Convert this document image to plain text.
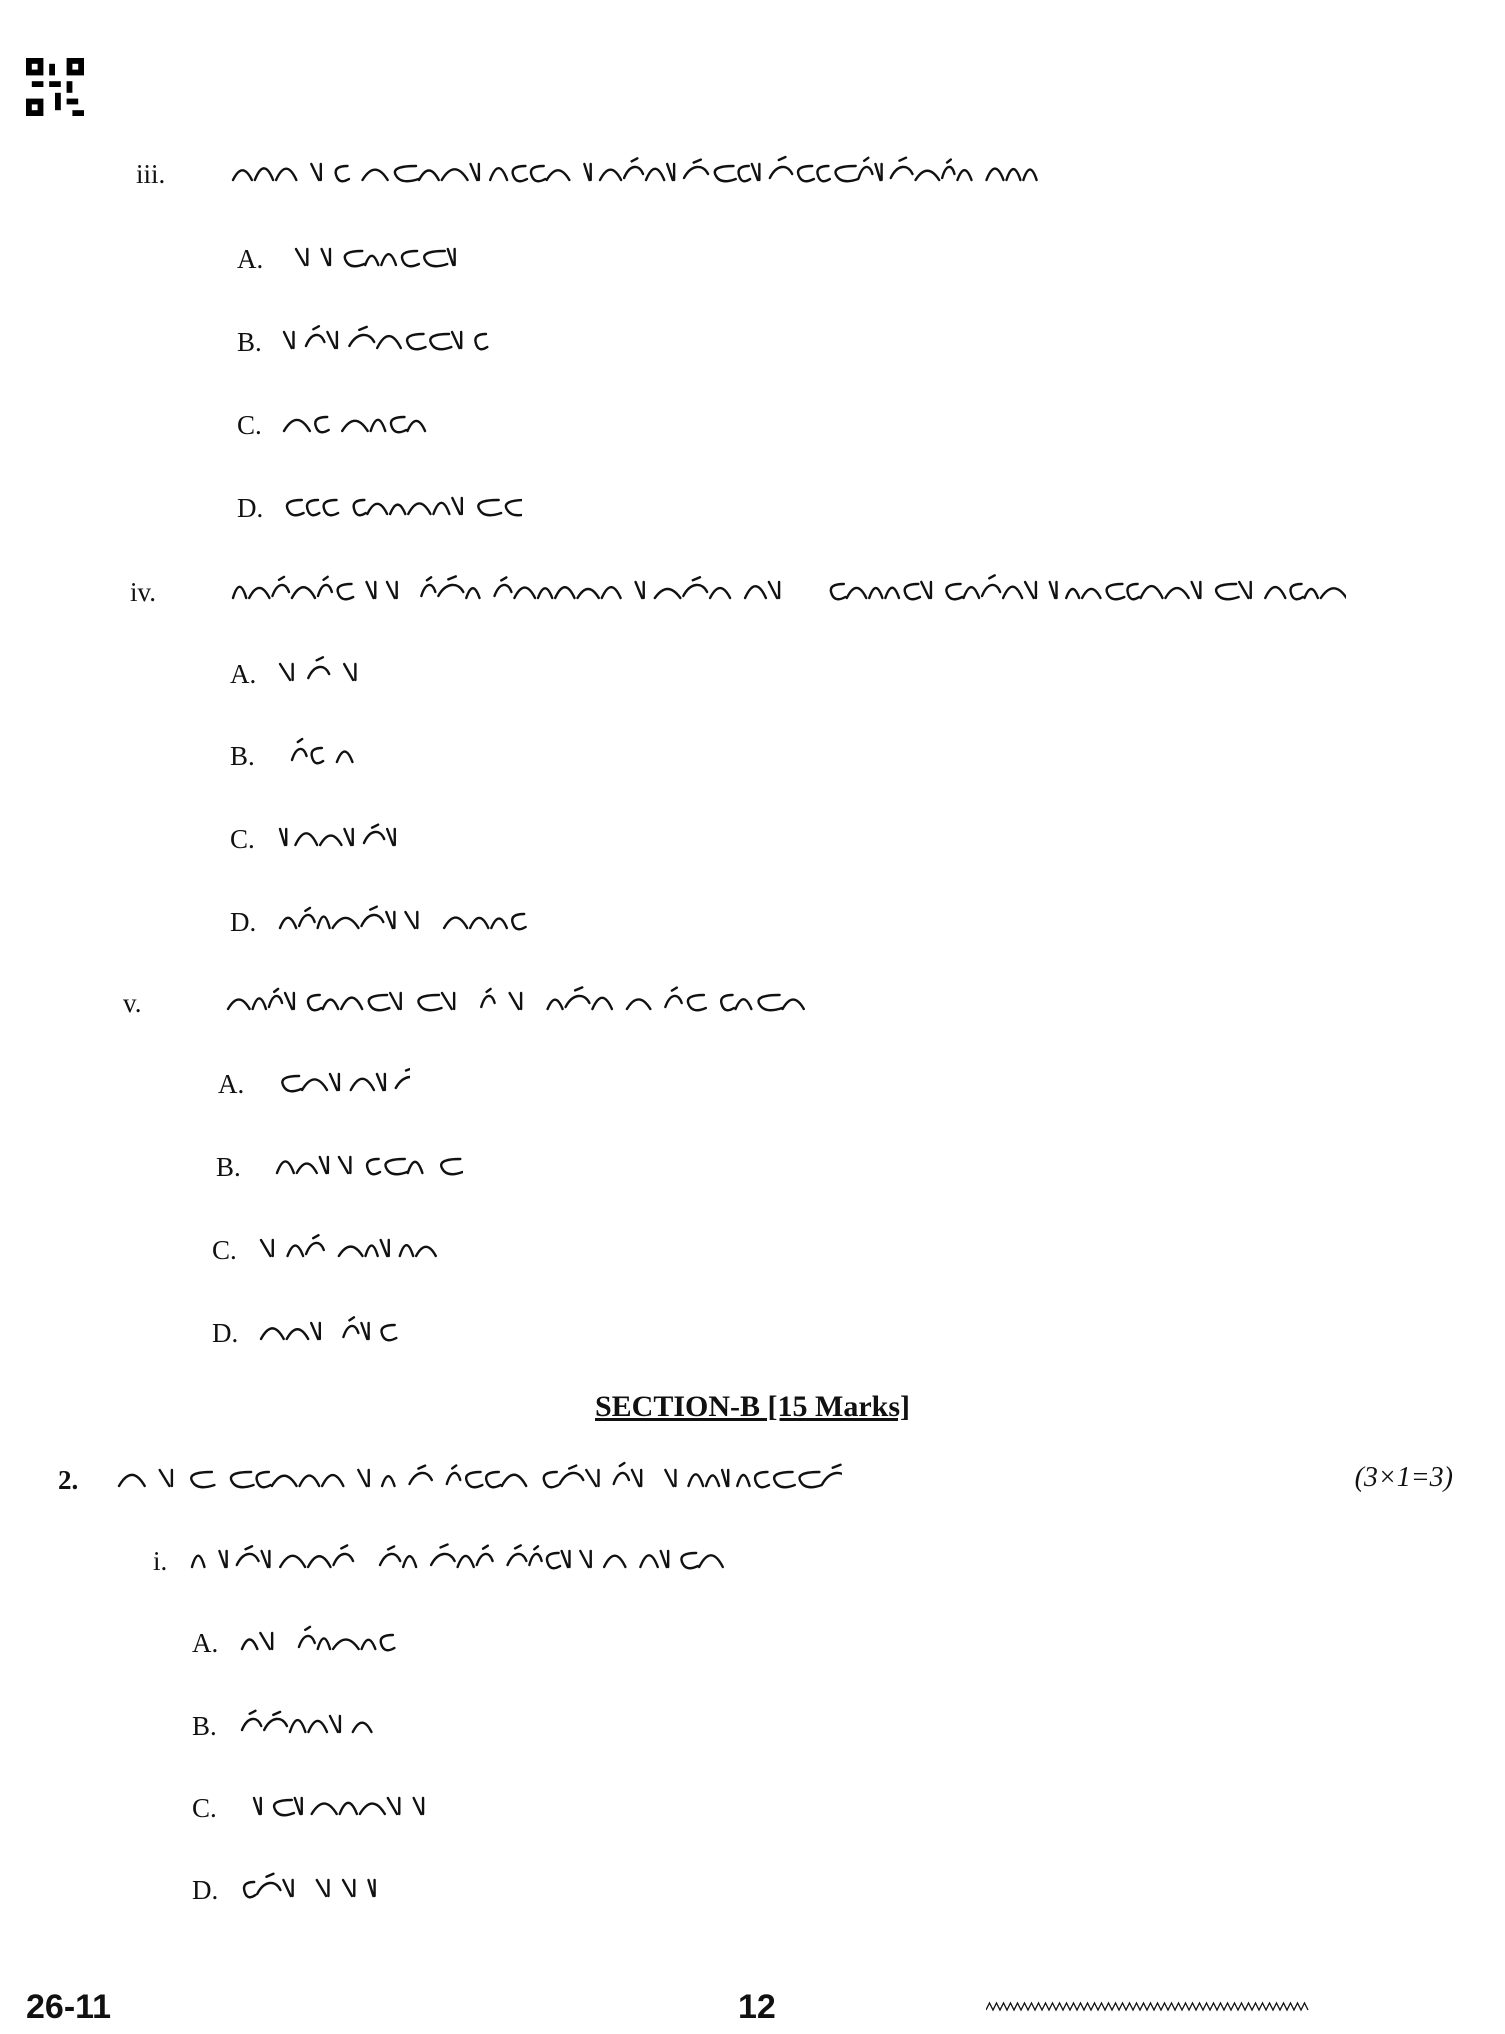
iii.
A.
B.
C.
D.
iv.
A.
B.
C.
D.
v.
A.
B.
C.
D.
SECTION-B [15 Marks]
2.	(3×1=3)
i.
A.
B.
C.
D.
26-11	12
